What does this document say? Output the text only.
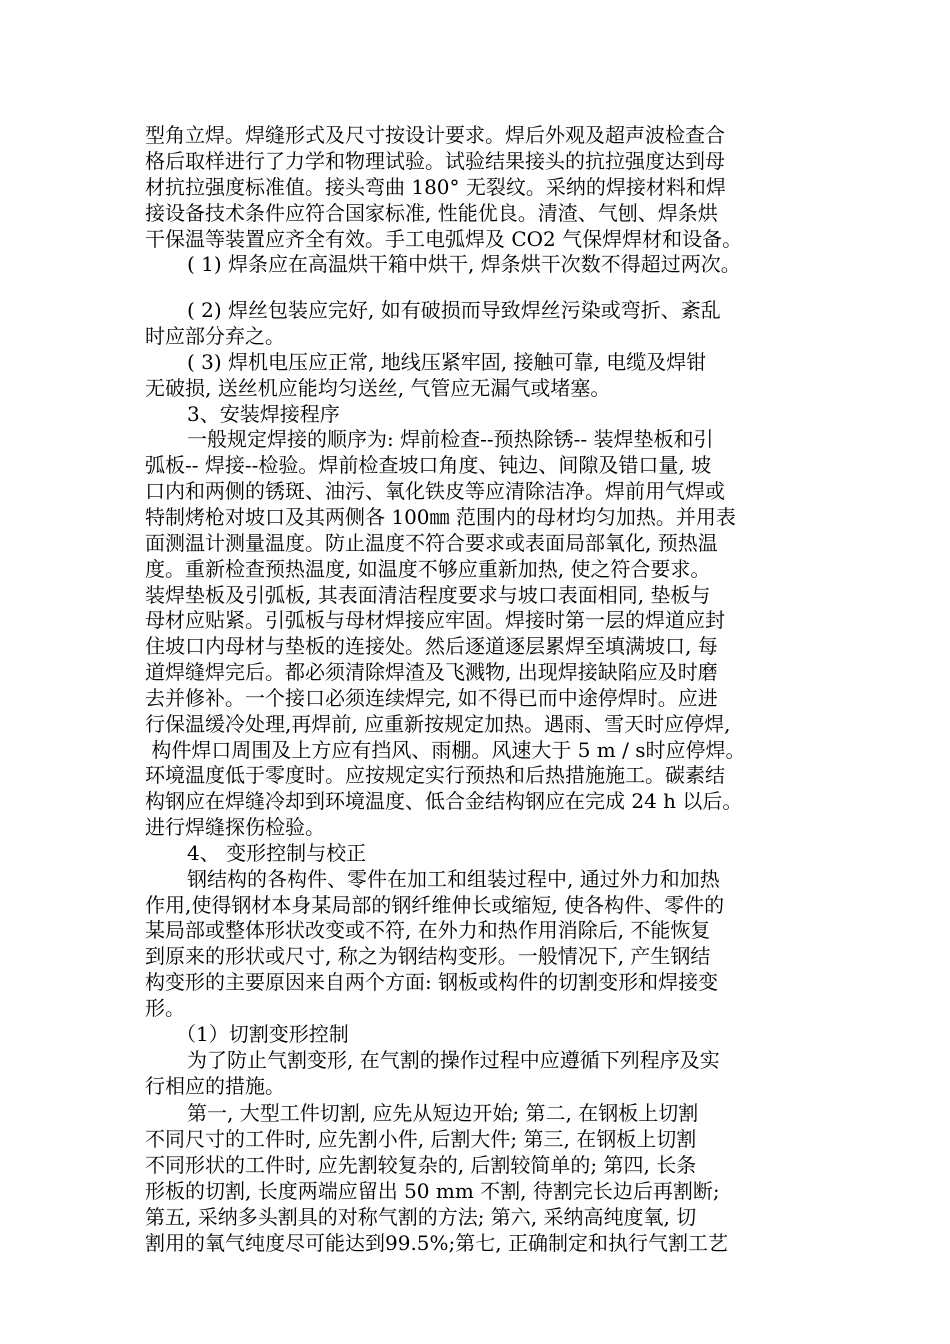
型角立焊。焊缝形式及尺寸按设计要求。焊后外观及超声波检查合
格后取样进行了力学和物理试验。试验结果接头的抗拉强度达到母
材抗拉强度标准值。接头弯曲 180° 无裂纹。采纳的焊接材料和焊
接设备技术条件应符合国家标准, 性能优良。清渣、气刨、焊条烘
干保温等装置应齐全有效。手工电弧焊及 CO2 气保焊焊材和设备。
( 1) 焊条应在高温烘干箱中烘干, 焊条烘干次数不得超过两次。
( 2) 焊丝包装应完好, 如有破损而导致焊丝污染或弯折、紊乱
时应部分弃之。
( 3) 焊机电压应正常, 地线压紧牢固, 接触可靠, 电缆及焊钳
无破损, 送丝机应能均匀送丝, 气管应无漏气或堵塞。
3、安装焊接程序
一般规定焊接的顺序为: 焊前检查--预热除锈-- 装焊垫板和引
弧板-- 焊接--检验。焊前检查坡口角度、钝边、间隙及错口量, 坡
口内和两侧的锈斑、油污、氧化铁皮等应清除洁净。焊前用气焊或
特制烤枪对坡口及其两侧各 100㎜ 范围内的母材均匀加热。并用表
面测温计测量温度。防止温度不符合要求或表面局部氧化, 预热温
度。重新检查预热温度, 如温度不够应重新加热, 使之符合要求。
装焊垫板及引弧板, 其表面清洁程度要求与坡口表面相同, 垫板与
母材应贴紧。引弧板与母材焊接应牢固。焊接时第一层的焊道应封
住坡口内母材与垫板的连接处。然后逐道逐层累焊至填满坡口, 每
道焊缝焊完后。都必须清除焊渣及飞溅物, 出现焊接缺陷应及时磨
去并修补。一个接口必须连续焊完, 如不得已而中途停焊时。应进
行保温缓冷处理,再焊前, 应重新按规定加热。遇雨、雪天时应停焊,
构件焊口周围及上方应有挡风、雨棚。风速大于 5 m / s时应停焊。
环境温度低于零度时。应按规定实行预热和后热措施施工。碳素结
构钢应在焊缝冷却到环境温度、低合金结构钢应在完成 24 h 以后。
进行焊缝探伤检验。
4、 变形控制与校正
钢结构的各构件、零件在加工和组装过程中, 通过外力和加热
作用,使得钢材本身某局部的钢纤维伸长或缩短, 使各构件、零件的
某局部或整体形状改变或不符, 在外力和热作用消除后, 不能恢复
到原来的形状或尺寸, 称之为钢结构变形。一般情况下, 产生钢结
构变形的主要原因来自两个方面: 钢板或构件的切割变形和焊接变
形。
（1）切割变形控制
为了防止气割变形, 在气割的操作过程中应遵循下列程序及实
行相应的措施。
第一, 大型工件切割, 应先从短边开始; 第二, 在钢板上切割
不同尺寸的工件时, 应先割小件, 后割大件; 第三, 在钢板上切割
不同形状的工件时, 应先割较复杂的, 后割较简单的; 第四, 长条
形板的切割, 长度两端应留出 50 mm 不割, 待割完长边后再割断;
第五, 采纳多头割具的对称气割的方法; 第六, 采纳高纯度氧, 切
割用的氧气纯度尽可能达到99.5%;第七, 正确制定和执行气割工艺
